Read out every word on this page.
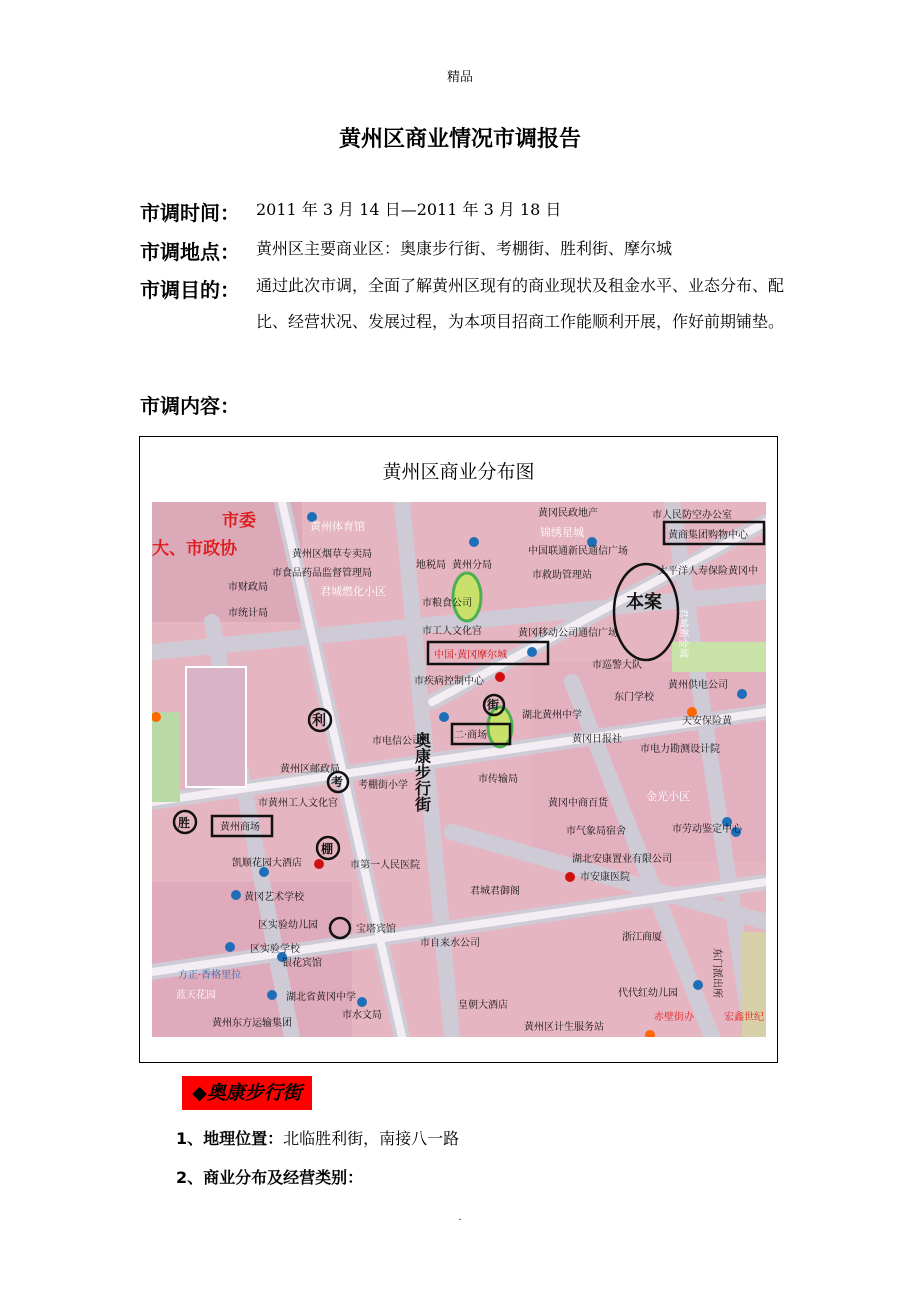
精品
黄州区商业情况市调报告
市调时间： 2011 年 3 月 14 日—2011 年 3 月 18 日
市调地点： 黄州区主要商业区：奥康步行街、考棚街、胜利街、摩尔城
市调目的： 通过此次市调，全面了解黄州区现有的商业现状及租金水平、业态分布、配比、经营状况、发展过程，为本项目招商工作能顺利开展，作好前期铺垫。
市调内容：
黄州区商业分布图
市委
大、市政协
黄州体育馆
黄州区烟草专卖局
市食品药品监督管理局
市财政局
市统计局
君城燃化小区
地税局 黄州分局
市粮食公司
市工人文化宫
市救助管理站
中国联通新民通信广场
锦绣星城
市人民防空办公室
黄冈民政地产
黄商集团购物中心
太平洋人寿保险黄冈中
本案
君城新金城
黄冈移动公司通信广场
中国·黄冈摩尔城
市巡警大队
市疾病控制中心
东门学校
黄州供电公司
天安保险黄
湖北黄州中学
黄冈日报社
市电力勘测设计院
市电信公司
二·商场
市传输局
黄州区邮政局
考棚街小学
市黄州工人文化宫
黄州商场
黄冈中商百货
市气象局宿舍
金光小区
市劳动鉴定中心
凯顺花园大酒店	市第一人民医院
湖北安康置业有限公司
市安康医院
黄冈艺术学校
君城君御阁
区实验幼儿园	宝塔宾馆
市自来水公司
浙江商厦
区实验学校
银花宾馆
方正·香格里拉
蓝天花园	湖北省黄冈中学
皇朝大酒店
东门派出所
代代红幼儿园
黄州东方运输集团
市水文局
黄州区计生服务站
赤壁街办	宏鑫世纪
利
街
胜
棚
考	奥康步行街
◆奥康步行街
1、地理位置：北临胜利街，南接八一路
2、商业分布及经营类别：
.
